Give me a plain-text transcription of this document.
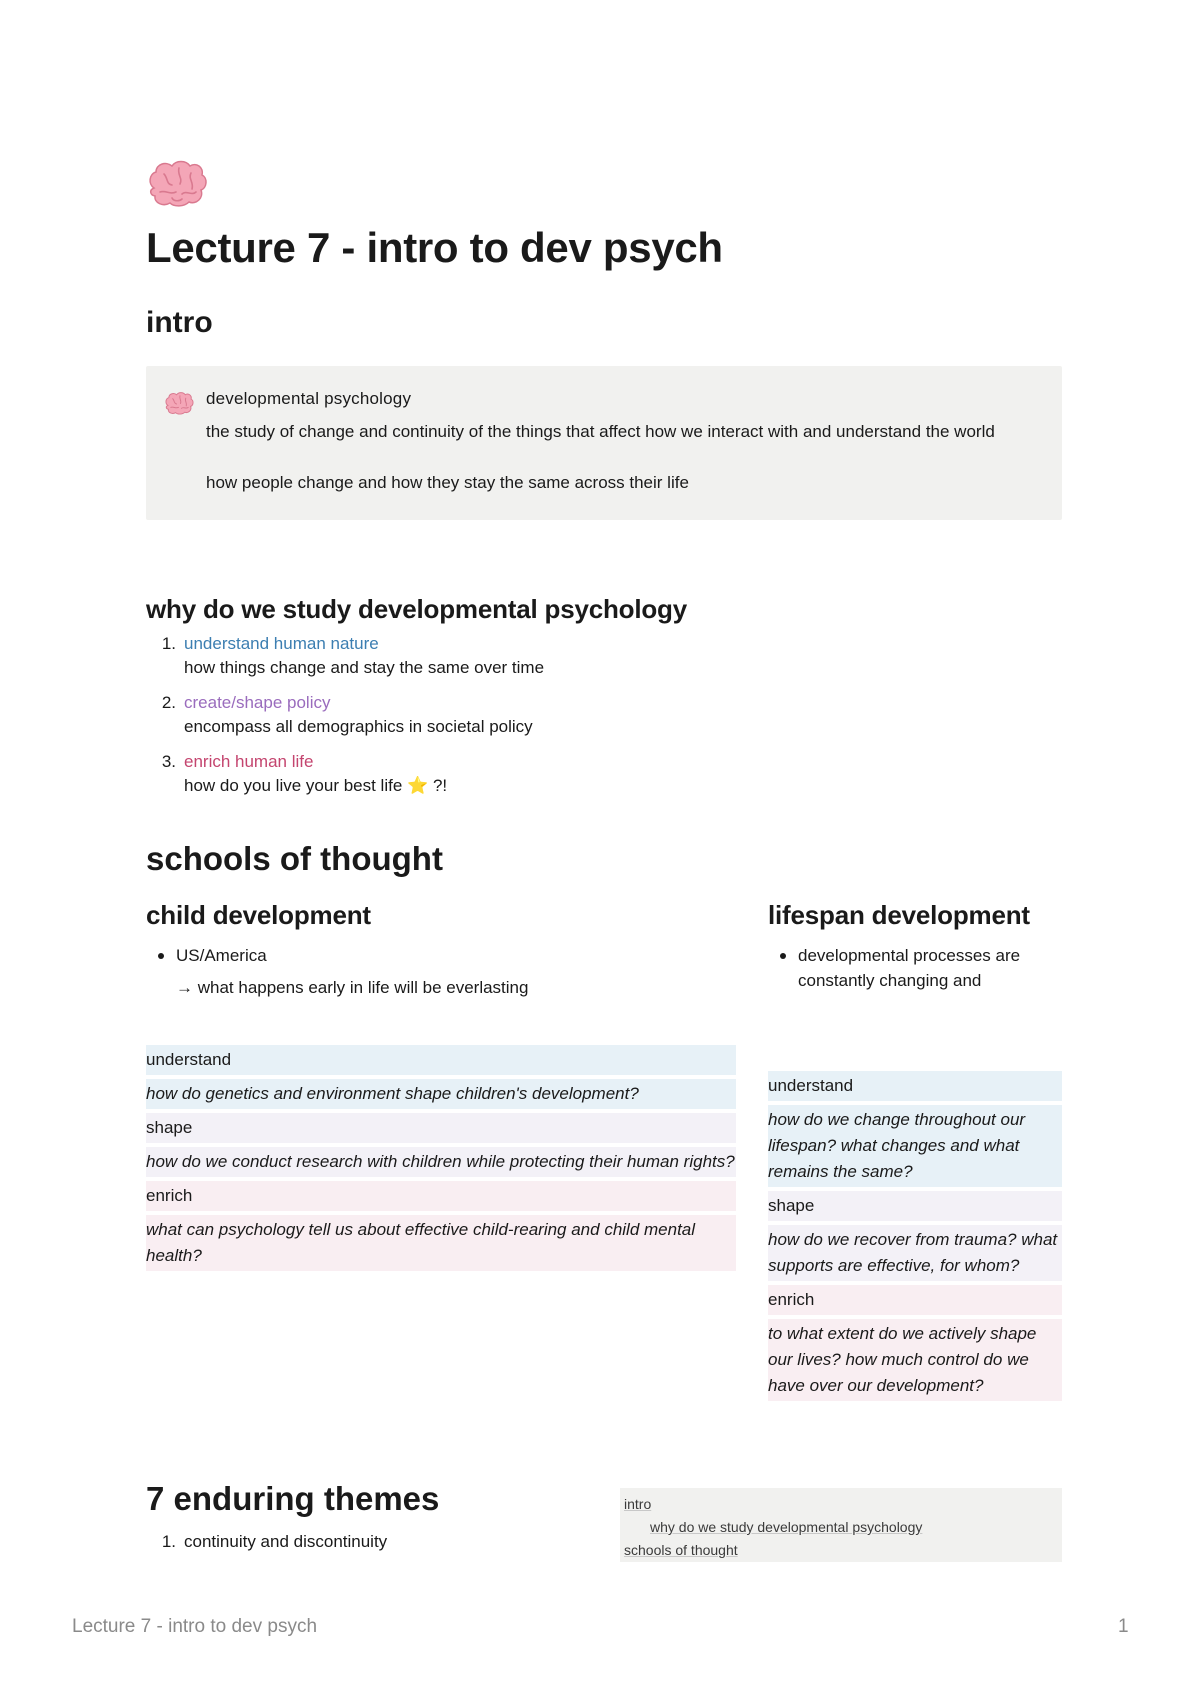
Lecture 7 - intro to dev psych
intro
developmental psychology
the study of change and continuity of the things that affect how we interact with and understand the world
how people change and how they stay the same across their life
why do we study developmental psychology
1. understand human nature
how things change and stay the same over time
2. create/shape policy
encompass all demographics in societal policy
3. enrich human life
how do you live your best life ⭐ ?!
schools of thought
child development
US/America
→ what happens early in life will be everlasting
understand
how do genetics and environment shape children's development?
shape
how do we conduct research with children while protecting their human rights?
enrich
what can psychology tell us about effective child-rearing and child mental health?
lifespan development
developmental processes are constantly changing and
understand
how do we change throughout our lifespan? what changes and what remains the same?
shape
how do we recover from trauma? what supports are effective, for whom?
enrich
to what extent do we actively shape our lives? how much control do we have over our development?
7 enduring themes
1. continuity and discontinuity
intro
why do we study developmental psychology
schools of thought
Lecture 7 - intro to dev psych	1
